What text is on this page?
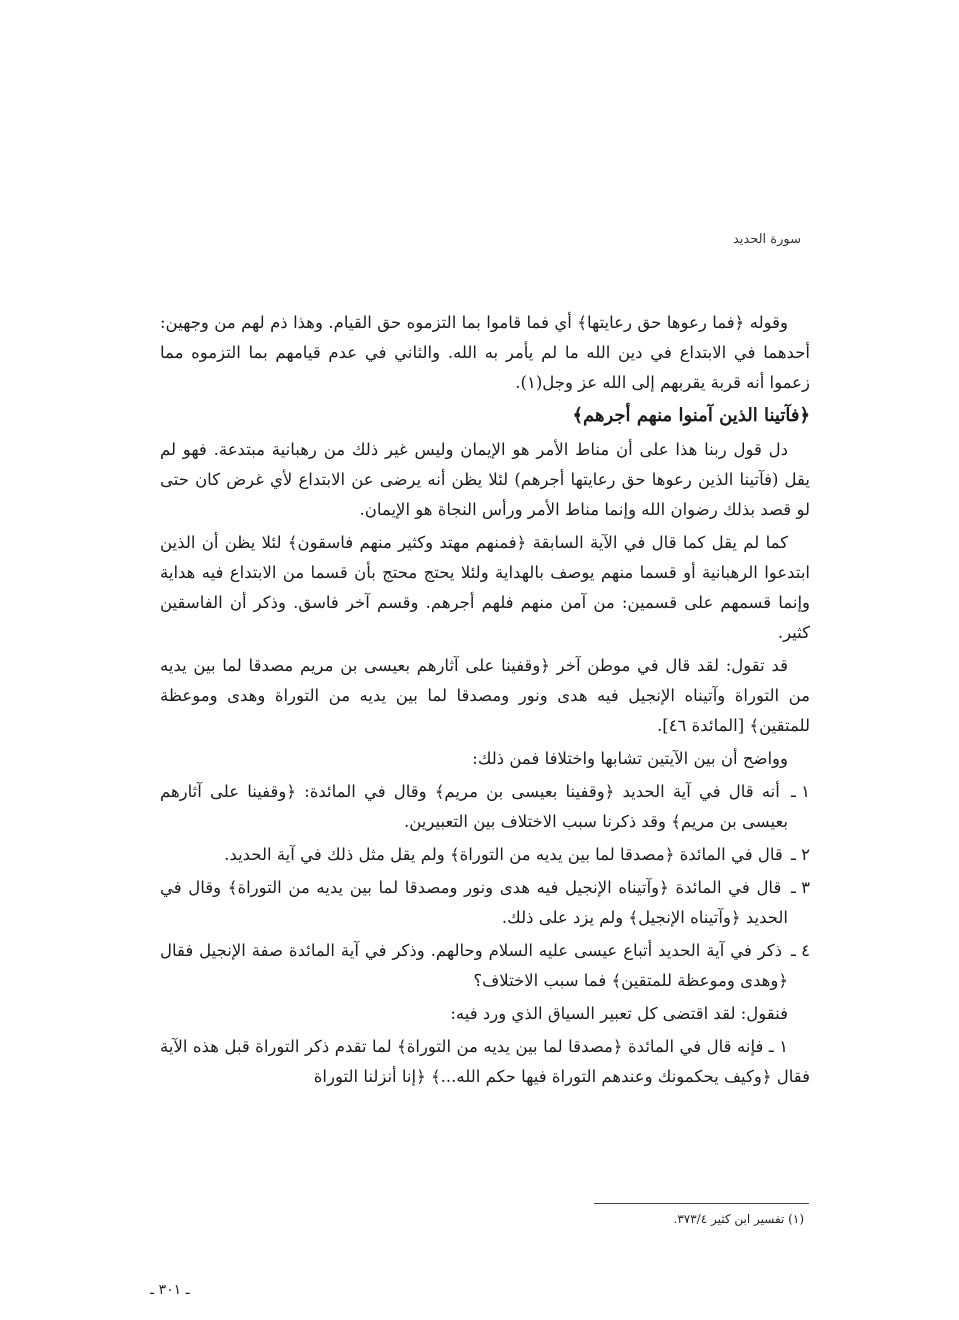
سورة الحديد

وقوله ﴿فما رعوها حق رعايتها﴾ أي فما قاموا بما التزموه حق القيام. وهذا ذم لهم من وجهين: أحدهما في الابتداع في دين الله ما لم يأمر به الله. والثاني في عدم قيامهم بما التزموه مما زعموا أنه قربة يقربهم إلى الله عز وجل(١).

﴿فآتينا الذين آمنوا منهم أجرهم﴾

دل قول ربنا هذا على أن مناط الأمر هو الإيمان وليس غير ذلك من رهبانية مبتدعة. فهو لم يقل (فآتينا الذين رعوها حق رعايتها أجرهم) لئلا يظن أنه يرضى عن الابتداع لأي غرض كان حتى لو قصد بذلك رضوان الله وإنما مناط الأمر ورأس النجاة هو الإيمان.

كما لم يقل كما قال في الآية السابقة ﴿فمنهم مهتد وكثير منهم فاسقون﴾ لئلا يظن أن الذين ابتدعوا الرهبانية أو قسما منهم يوصف بالهداية ولئلا يحتج محتج بأن قسما من الابتداع فيه هداية وإنما قسمهم على قسمين: من آمن منهم فلهم أجرهم. وقسم آخر فاسق. وذكر أن الفاسقين كثير.

قد تقول: لقد قال في موطن آخر ﴿وقفينا على آثارهم بعيسى بن مريم مصدقا لما بين يديه من التوراة وآتيناه الإنجيل فيه هدى ونور ومصدقا لما بين يديه من التوراة وهدى وموعظة للمتقين﴾ [المائدة ٤٦].

وواضح أن بين الآيتين تشابها واختلافا فمن ذلك:

١ ـ أنه قال في آية الحديد ﴿وقفينا بعيسى بن مريم﴾ وقال في المائدة: ﴿وقفينا على آثارهم بعيسى بن مريم﴾ وقد ذكرنا سبب الاختلاف بين التعبيرين.

٢ ـ قال في المائدة ﴿مصدقا لما بين يديه من التوراة﴾ ولم يقل مثل ذلك في آية الحديد.

٣ ـ قال في المائدة ﴿وآتيناه الإنجيل فيه هدى ونور ومصدقا لما بين يديه من التوراة﴾ وقال في الحديد ﴿وآتيناه الإنجيل﴾ ولم يزد على ذلك.

٤ ـ ذكر في آية الحديد أتباع عيسى عليه السلام وحالهم. وذكر في آية المائدة صفة الإنجيل فقال ﴿وهدى وموعظة للمتقين﴾ فما سبب الاختلاف؟

فنقول: لقد اقتضى كل تعبير السياق الذي ورد فيه:

١ ـ فإنه قال في المائدة ﴿مصدقا لما بين يديه من التوراة﴾ لما تقدم ذكر التوراة قبل هذه الآية فقال ﴿وكيف يحكمونك وعندهم التوراة فيها حكم الله...﴾ ﴿إنا أنزلنا التوراة

(١) تفسير ابن كثير ٣٧٣/٤.
ـ ٣٠١ ـ
